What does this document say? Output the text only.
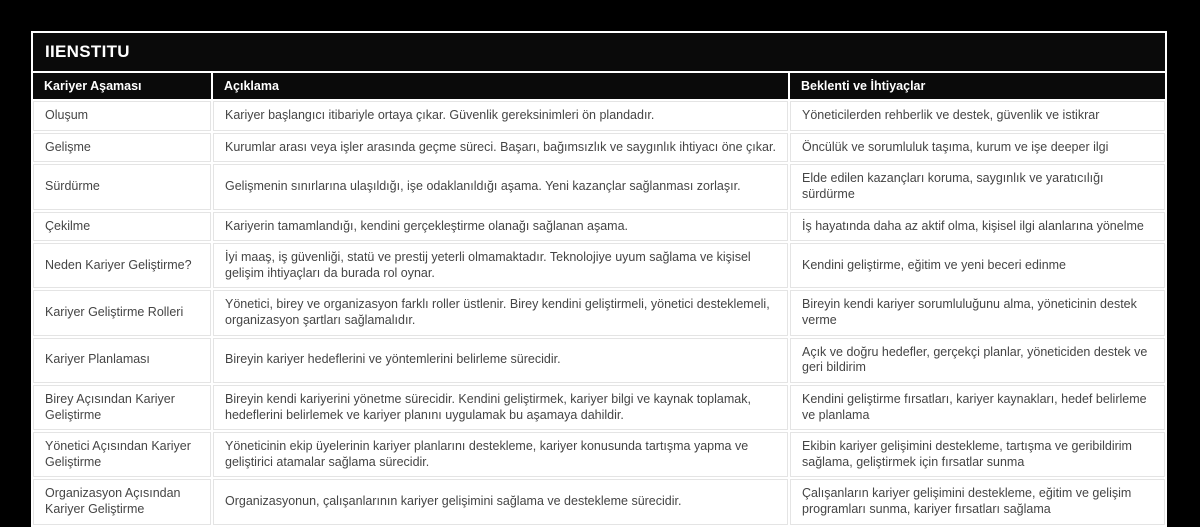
IIENSTITU		
Kariyer Aşaması	Açıklama	Beklenti ve İhtiyaçlar
Oluşum	Kariyer başlangıcı itibariyle ortaya çıkar. Güvenlik gereksinimleri ön plandadır.	Yöneticilerden rehberlik ve destek, güvenlik ve istikrar
Gelişme	Kurumlar arası veya işler arasında geçme süreci. Başarı, bağımsızlık ve saygınlık ihtiyacı öne çıkar.	Öncülük ve sorumluluk taşıma, kurum ve işe deeper ilgi
Sürdürme	Gelişmenin sınırlarına ulaşıldığı, işe odaklanıldığı aşama. Yeni kazançlar sağlanması zorlaşır.	Elde edilen kazançları koruma, saygınlık ve yaratıcılığı sürdürme
Çekilme	Kariyerin tamamlandığı, kendini gerçekleştirme olanağı sağlanan aşama.	İş hayatında daha az aktif olma, kişisel ilgi alanlarına yönelme
Neden Kariyer Geliştirme?	İyi maaş, iş güvenliği, statü ve prestij yeterli olmamaktadır. Teknolojiye uyum sağlama ve kişisel gelişim ihtiyaçları da burada rol oynar.	Kendini geliştirme, eğitim ve yeni beceri edinme
Kariyer Geliştirme Rolleri	Yönetici, birey ve organizasyon farklı roller üstlenir. Birey kendini geliştirmeli, yönetici desteklemeli, organizasyon şartları sağlamalıdır.	Bireyin kendi kariyer sorumluluğunu alma, yöneticinin destek verme
Kariyer Planlaması	Bireyin kariyer hedeflerini ve yöntemlerini belirleme sürecidir.	Açık ve doğru hedefler, gerçekçi planlar, yöneticiden destek ve geri bildirim
Birey Açısından Kariyer Geliştirme	Bireyin kendi kariyerini yönetme sürecidir. Kendini geliştirmek, kariyer bilgi ve kaynak toplamak, hedeflerini belirlemek ve kariyer planını uygulamak bu aşamaya dahildir.	Kendini geliştirme fırsatları, kariyer kaynakları, hedef belirleme ve planlama
Yönetici Açısından Kariyer Geliştirme	Yöneticinin ekip üyelerinin kariyer planlarını destekleme, kariyer konusunda tartışma yapma ve geliştirici atamalar sağlama sürecidir.	Ekibin kariyer gelişimini destekleme, tartışma ve geribildirim sağlama, geliştirmek için fırsatlar sunma
Organizasyon Açısından Kariyer Geliştirme	Organizasyonun, çalışanlarının kariyer gelişimini sağlama ve destekleme sürecidir.	Çalışanların kariyer gelişimini destekleme, eğitim ve gelişim programları sunma, kariyer fırsatları sağlama
